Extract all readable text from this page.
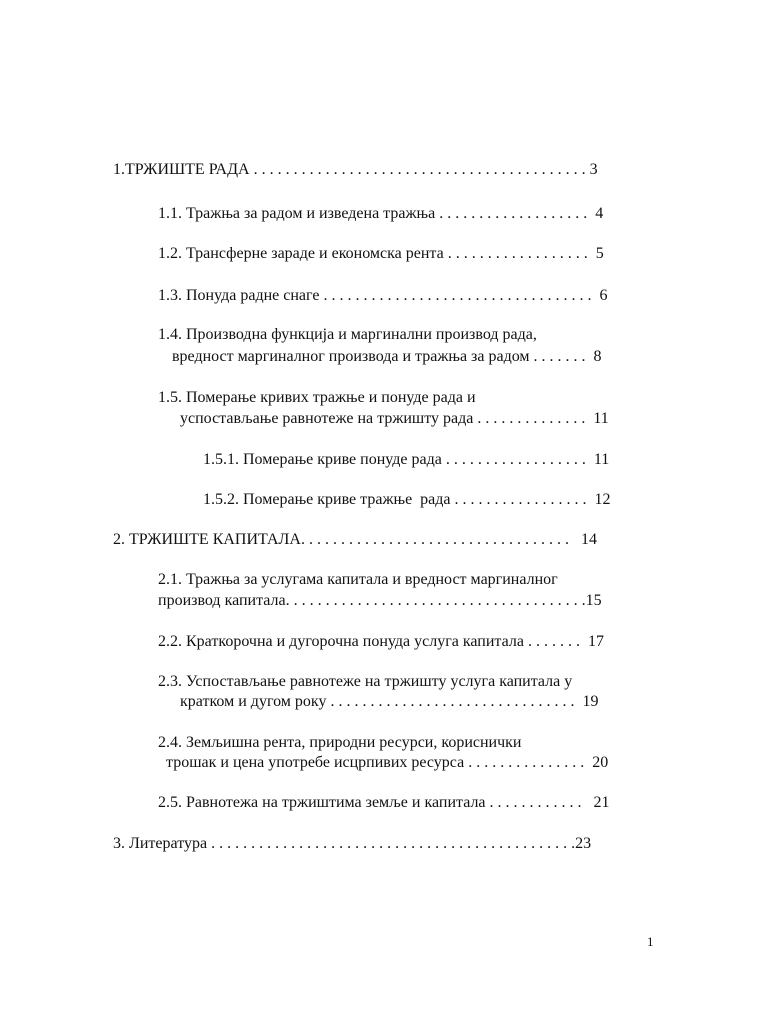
1.ТРЖИШТЕ РАДА . . . . . . . . . . . . . . . . . . . . . . . . . . . . . . . . . . . . . . . . . . 3
1.1. Тражња за радом и изведена тражња . . . . . . . . . . . . . . . . . . .  4
1.2. Трансферне зараде и економска рента . . . . . . . . . . . . . . . . . .  5
1.3. Понуда радне снаге . . . . . . . . . . . . . . . . . . . . . . . . . . . . . . . . . .  6
1.4. Производна функција и маргинални производ рада,
вредност маргиналног производа и тражња за радом . . . . . . .  8
1.5. Померање кривих тражње и понуде рада и
успостављање равнотеже на тржишту рада . . . . . . . . . . . . . .  11
1.5.1. Померање криве понуде рада . . . . . . . . . . . . . . . . . .  11
1.5.2. Померање криве тражње  рада . . . . . . . . . . . . . . . . .  12
2. ТРЖИШТЕ КАПИТАЛА. . . . . . . . . . . . . . . . . . . . . . . . . . . . . . . . . .   14
2.1. Тражња за услугама капитала и вредност маргиналног
производ капитала. . . . . . . . . . . . . . . . . . . . . . . . . . . . . . . . . . . . . .15
2.2. Краткорочна и дугорочна понуда услуга капитала . . . . . . .  17
2.3. Успостављање равнотеже на тржишту услуга капитала у
кратком и дугом року . . . . . . . . . . . . . . . . . . . . . . . . . . . . . . .  19
2.4. Земљишна рента, природни ресурси, кориснички
трошак и цена употребе исцрпивих ресурса . . . . . . . . . . . . . . .  20
2.5. Равнотежа на тржиштима земље и капитала . . . . . . . . . . . .   21
3. Литература . . . . . . . . . . . . . . . . . . . . . . . . . . . . . . . . . . . . . . . . . . . . . .23
1
